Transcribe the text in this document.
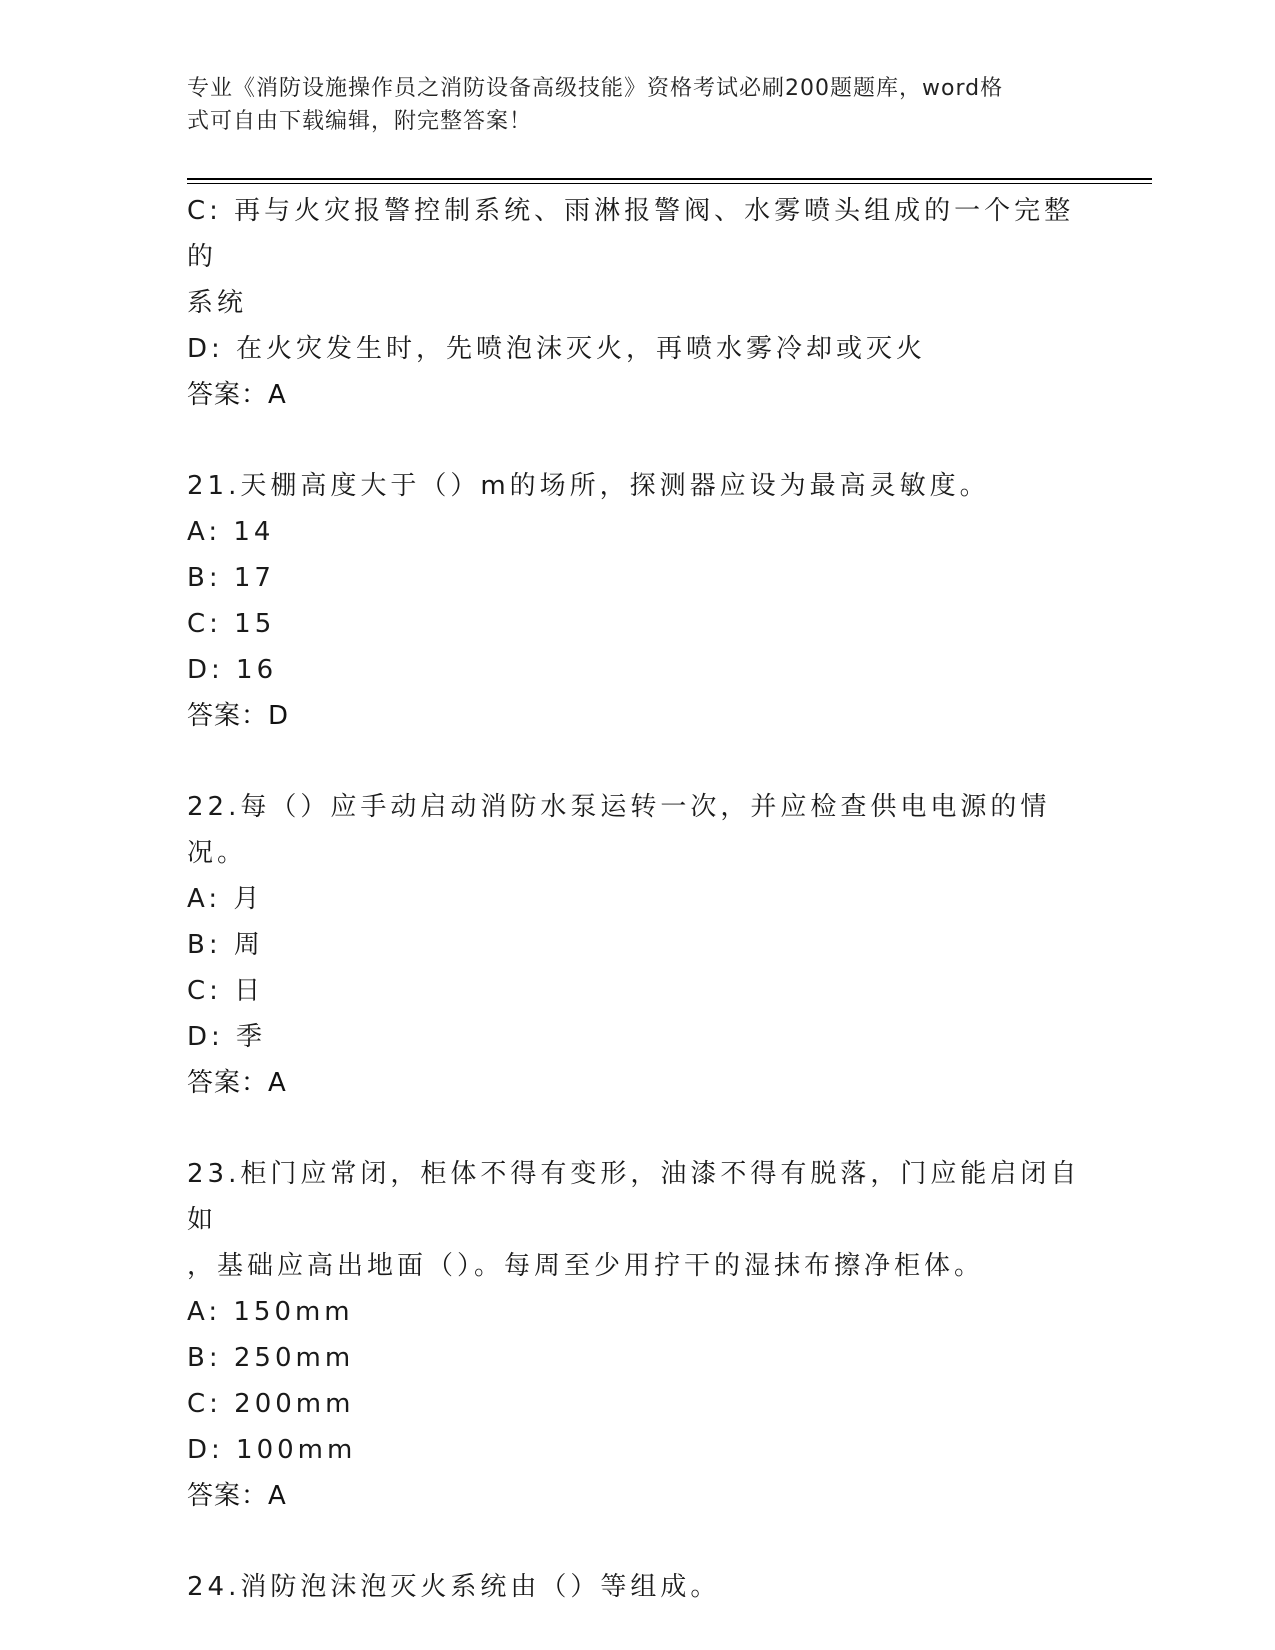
专业《消防设施操作员之消防设备高级技能》资格考试必刷200题题库，word格
式可自由下载编辑，附完整答案！
C: 再与火灾报警控制系统、雨淋报警阀、水雾喷头组成的一个完整的
系统
D: 在火灾发生时，先喷泡沫灭火，再喷水雾冷却或灭火
答案：A
21.天棚高度大于（）m的场所，探测器应设为最高灵敏度。
A: 14
B: 17
C: 15
D: 16
答案：D
22.每（）应手动启动消防水泵运转一次，并应检查供电电源的情况。
A: 月
B: 周
C: 日
D: 季
答案：A
23.柜门应常闭，柜体不得有变形，油漆不得有脱落，门应能启闭自如
，基础应高出地面（）。每周至少用拧干的湿抹布擦净柜体。
A: 150mm
B: 250mm
C: 200mm
D: 100mm
答案：A
24.消防泡沫泡灭火系统由（）等组成。
